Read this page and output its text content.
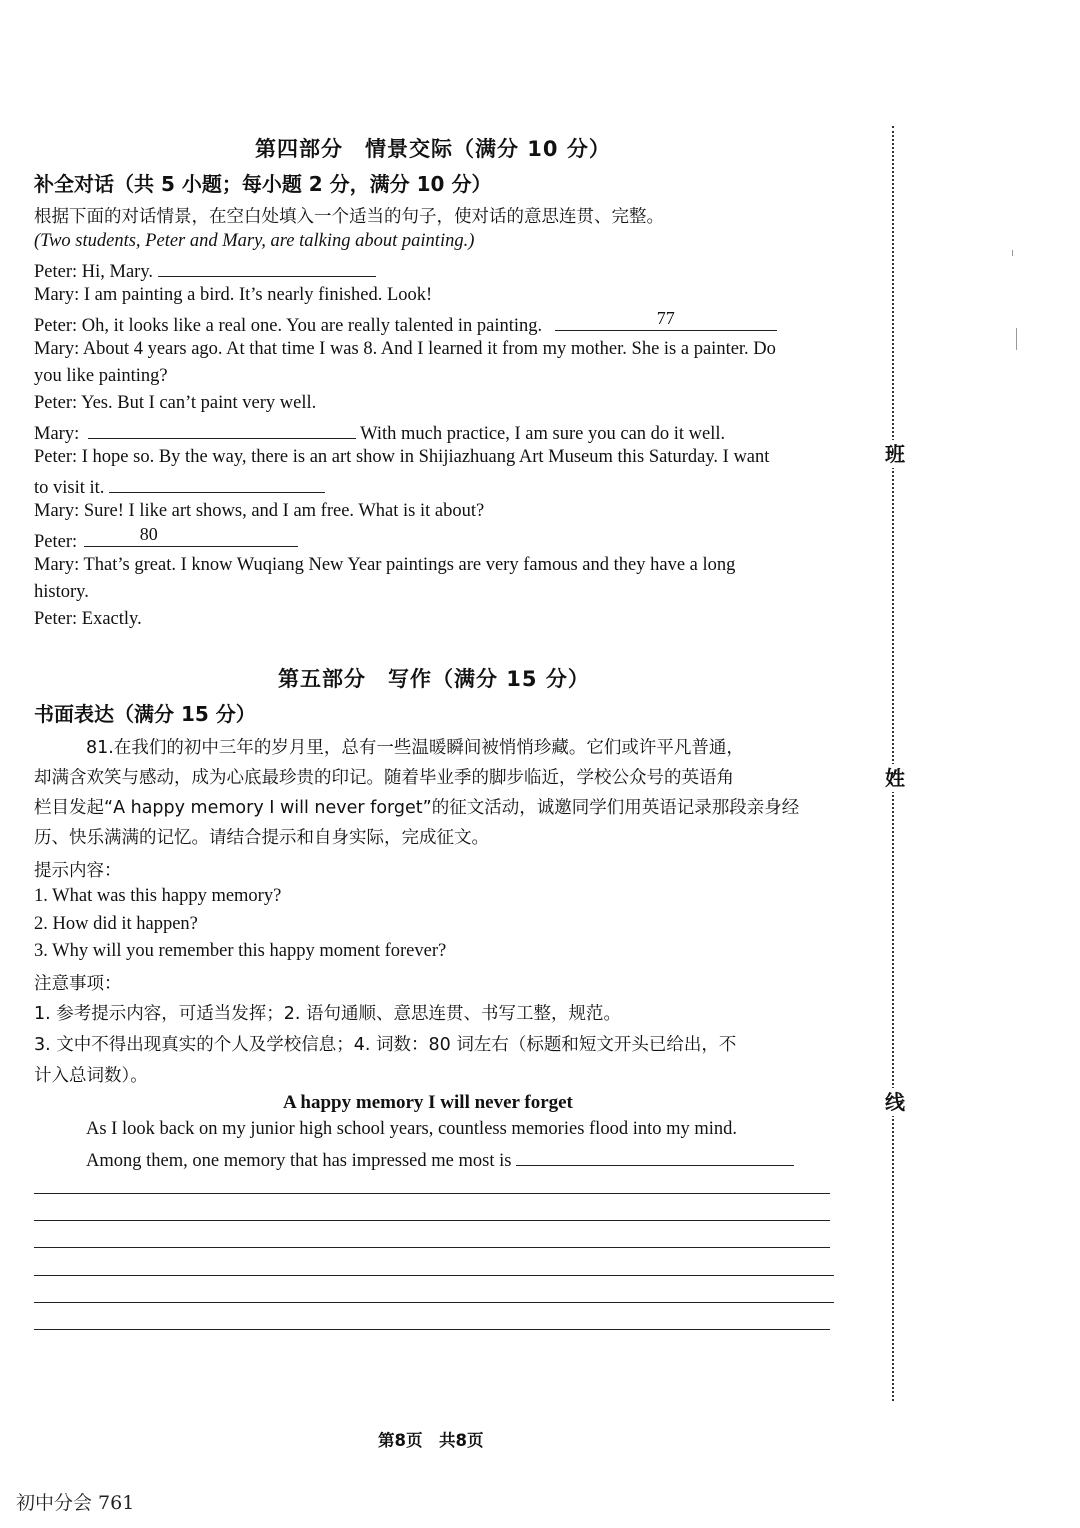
第四部分　情景交际（满分 10 分）
补全对话（共 5 小题；每小题 2 分，满分 10 分）
根据下面的对话情景，在空白处填入一个适当的句子，使对话的意思连贯、完整。
(Two students, Peter and Mary, are talking about painting.)
Peter: Hi, Mary.
Mary: I am painting a bird. It’s nearly finished. Look!
Peter: Oh, it looks like a real one. You are really talented in painting.	77
Mary: About 4 years ago. At that time I was 8. And I learned it from my mother. She is a painter. Do
you like painting?
Peter: Yes. But I can’t paint very well.
Mary:	With much practice, I am sure you can do it well.
Peter: I hope so. By the way, there is an art show in Shijiazhuang Art Museum this Saturday. I want
to visit it.
Mary: Sure! I like art shows, and I am free. What is it about?
Peter:	80
Mary: That’s great. I know Wuqiang New Year paintings are very famous and they have a long
history.
Peter: Exactly.
第五部分　写作（满分 15 分）
书面表达（满分 15 分）
81.在我们的初中三年的岁月里，总有一些温暖瞬间被悄悄珍藏。它们或许平凡普通，
却满含欢笑与感动，成为心底最珍贵的印记。随着毕业季的脚步临近，学校公众号的英语角
栏目发起“A happy memory I will never forget”的征文活动，诚邀同学们用英语记录那段亲身经
历、快乐满满的记忆。请结合提示和自身实际，完成征文。
提示内容：
1. What was this happy memory?
2. How did it happen?
3. Why will you remember this happy moment forever?
注意事项：
1. 参考提示内容，可适当发挥；2. 语句通顺、意思连贯、书写工整，规范。
3. 文中不得出现真实的个人及学校信息；4. 词数：80 词左右（标题和短文开头已给出，不
计入总词数）。
A happy memory I will never forget
As I look back on my junior high school years, countless memories flood into my mind.
Among them, one memory that has impressed me most is
班
姓
线
第8页　共8页
初中分会 761
